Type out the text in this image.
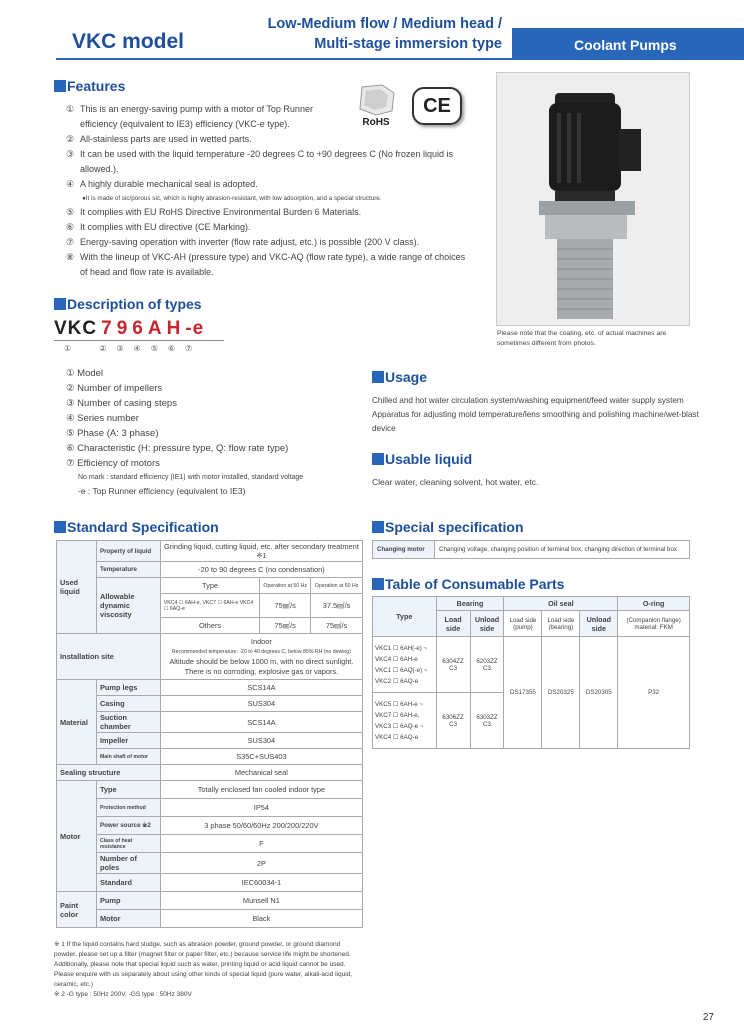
VKC model
Low-Medium flow / Medium head /
Multi-stage immersion type	Coolant Pumps
Features
① This is an energy-saving pump with a motor of Top Runner efficiency (equivalent to IE3) efficiency (VKC-e type).
② All-stainless parts are used in wetted parts.
③ It can be used with the liquid temperature -20 degrees C to +90 degrees C (No frozen liquid is allowed.).
④ A highly durable mechanical seal is adopted.
●It is made of sic/porous sic, which is highly abrasion-resistant, with low adsorption, and a special structure.
⑤ It complies with EU RoHS Directive Environmental Burden 6 Materials.
⑥ It complies with EU directive (CE Marking).
⑦ Energy-saving operation with inverter (flow rate adjust, etc.) is possible (200 V class).
⑧ With the lineup of VKC-AH (pressure type) and VKC-AQ (flow rate type), a wide range of choices of head and flow rate is available.
RoHS
CE
Please note that the coating, etc. of actual machines are sometimes different from photos.
Description of types
VKC 7 9 6 A H -e
①	② ③ ④ ⑤ ⑥ ⑦
① Model
② Number of impellers
③ Number of casing steps
④ Series number
⑤ Phase (A: 3 phase)
⑥ Characteristic (H: pressure type, Q: flow rate type)
⑦ Efficiency of motors
No mark : standard efficiency (IE1) with motor installed, standard voltage
-e : Top Runner efficiency (equivalent to IE3)
Usage
Chilled and hot water circulation system/washing equipment/feed water supply system
Apparatus for adjusting mold temperature/lens smoothing and polishing machine/wet-blast device
Usable liquid
Clear water, cleaning solvent, hot water, etc.
Standard Specification
Used liquid	Property of liquid	Grinding liquid, cutting liquid, etc. after secondary treatment ※1		
	Temperature	-20 to 90 degrees C (no condensation)		
	Allowable dynamic viscosity	Type	Operation at 50 Hz	Operation at 60 Hz
		VKC4 ☐ 6AH-e, VKC7 ☐ 6AH-e VKC4 ☐ 6AQ-e	75㎟/s	37.5㎟/s
		Others	75㎟/s	75㎟/s
Installation site		Indoor
Recommended temperature: -20 to 40 degrees C, below 85% RH (no dewing)
Altitude should be below 1000 m, with no direct sunlight.
There is no corroding, explosive gas or vapors.		

Material	Pump legs	SCS14A		
	Casing	SUS304		
	Suction chamber	SCS14A		
	Impeller	SUS304		
	Main shaft of motor	S35C+SUS403		
Sealing structure		Mechanical seal		
Motor	Type	Totally enclosed fan cooled indoor type		
	Protection method	IP54		
	Power source ※2	3 phase 50/60/60Hz 200/200/220V		
	Class of heat resistance	F		
	Number of poles	2P		
	Standard	IEC60034-1		
Paint color	Pump	Munsell N1		
	Motor	Black		
Special specification
Changing motor	Changing voltage, changing position of terminal box, changing direction of terminal box
Table of Consumable Parts
Type	Bearing		Oil seal			O-ring
	Load side	Unload side	Load side (pump)	Load side (bearing)	Unload side	(Companion flange) material: FKM
VKC1 ☐ 6AH(-e) ~ VKC4 ☐ 6AH-e VKC1 ☐ 6AQ(-e) ~ VKC2 ☐ 6AQ-e	6304ZZ C3	6203ZZ C3	DS17355	DS20325	DS20305	P32
VKC5 ☐ 6AH-e ~ VKC7 ☐ 6AH-e, VKC3 ☐ 6AQ-e ~ VKC4 ☐ 6AQ-e	6306ZZ C3	6303ZZ C3				
※ 1 If the liquid contains hard sludge, such as abrasion powder, ground powder, or ground diamond powder, please set up a filter (magnet filter or paper filter, etc.) because service life might be shortened. Additionally, please note that special liquid such as water, printing liquid or acid liquid cannot be used. Please enquire with us separately about using other kinds of special liquid (pure water, alkali-acid liquid, ceramic, etc.)
※ 2 -G type : 50Hz 200V, -GS type : 50Hz 380V
27
